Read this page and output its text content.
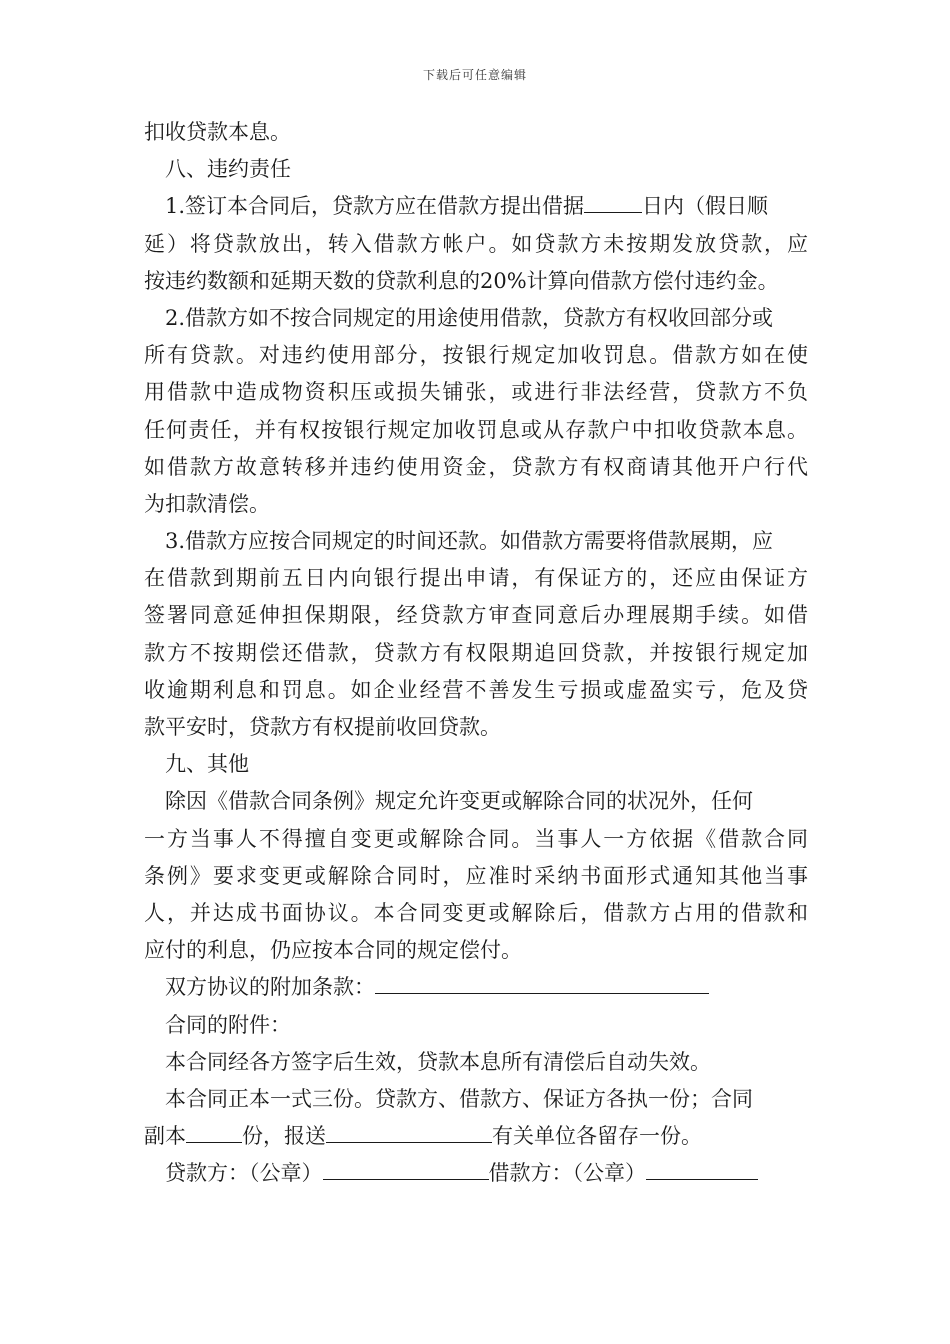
下载后可任意编辑
扣收贷款本息。
八、违约责任
1.签订本合同后，贷款方应在借款方提出借据	日内（假日顺
延）将贷款放出，转入借款方帐户。如贷款方未按期发放贷款，应
按违约数额和延期天数的贷款利息的20%计算向借款方偿付违约金。
2.借款方如不按合同规定的用途使用借款，贷款方有权收回部分或
所有贷款。对违约使用部分，按银行规定加收罚息。借款方如在使
用借款中造成物资积压或损失铺张，或进行非法经营，贷款方不负
任何责任，并有权按银行规定加收罚息或从存款户中扣收贷款本息。
如借款方故意转移并违约使用资金，贷款方有权商请其他开户行代
为扣款清偿。
3.借款方应按合同规定的时间还款。如借款方需要将借款展期，应
在借款到期前五日内向银行提出申请，有保证方的，还应由保证方
签署同意延伸担保期限，经贷款方审查同意后办理展期手续。如借
款方不按期偿还借款，贷款方有权限期追回贷款，并按银行规定加
收逾期利息和罚息。如企业经营不善发生亏损或虚盈实亏，危及贷
款平安时，贷款方有权提前收回贷款。
九、其他
除因《借款合同条例》规定允许变更或解除合同的状况外，任何
一方当事人不得擅自变更或解除合同。当事人一方依据《借款合同
条例》要求变更或解除合同时，应准时采纳书面形式通知其他当事
人，并达成书面协议。本合同变更或解除后，借款方占用的借款和
应付的利息，仍应按本合同的规定偿付。
双方协议的附加条款：
合同的附件：
本合同经各方签字后生效，贷款本息所有清偿后自动失效。
本合同正本一式三份。贷款方、借款方、保证方各执一份；合同
副本	份，报送	有关单位各留存一份。
贷款方：（公章）	借款方：（公章）
